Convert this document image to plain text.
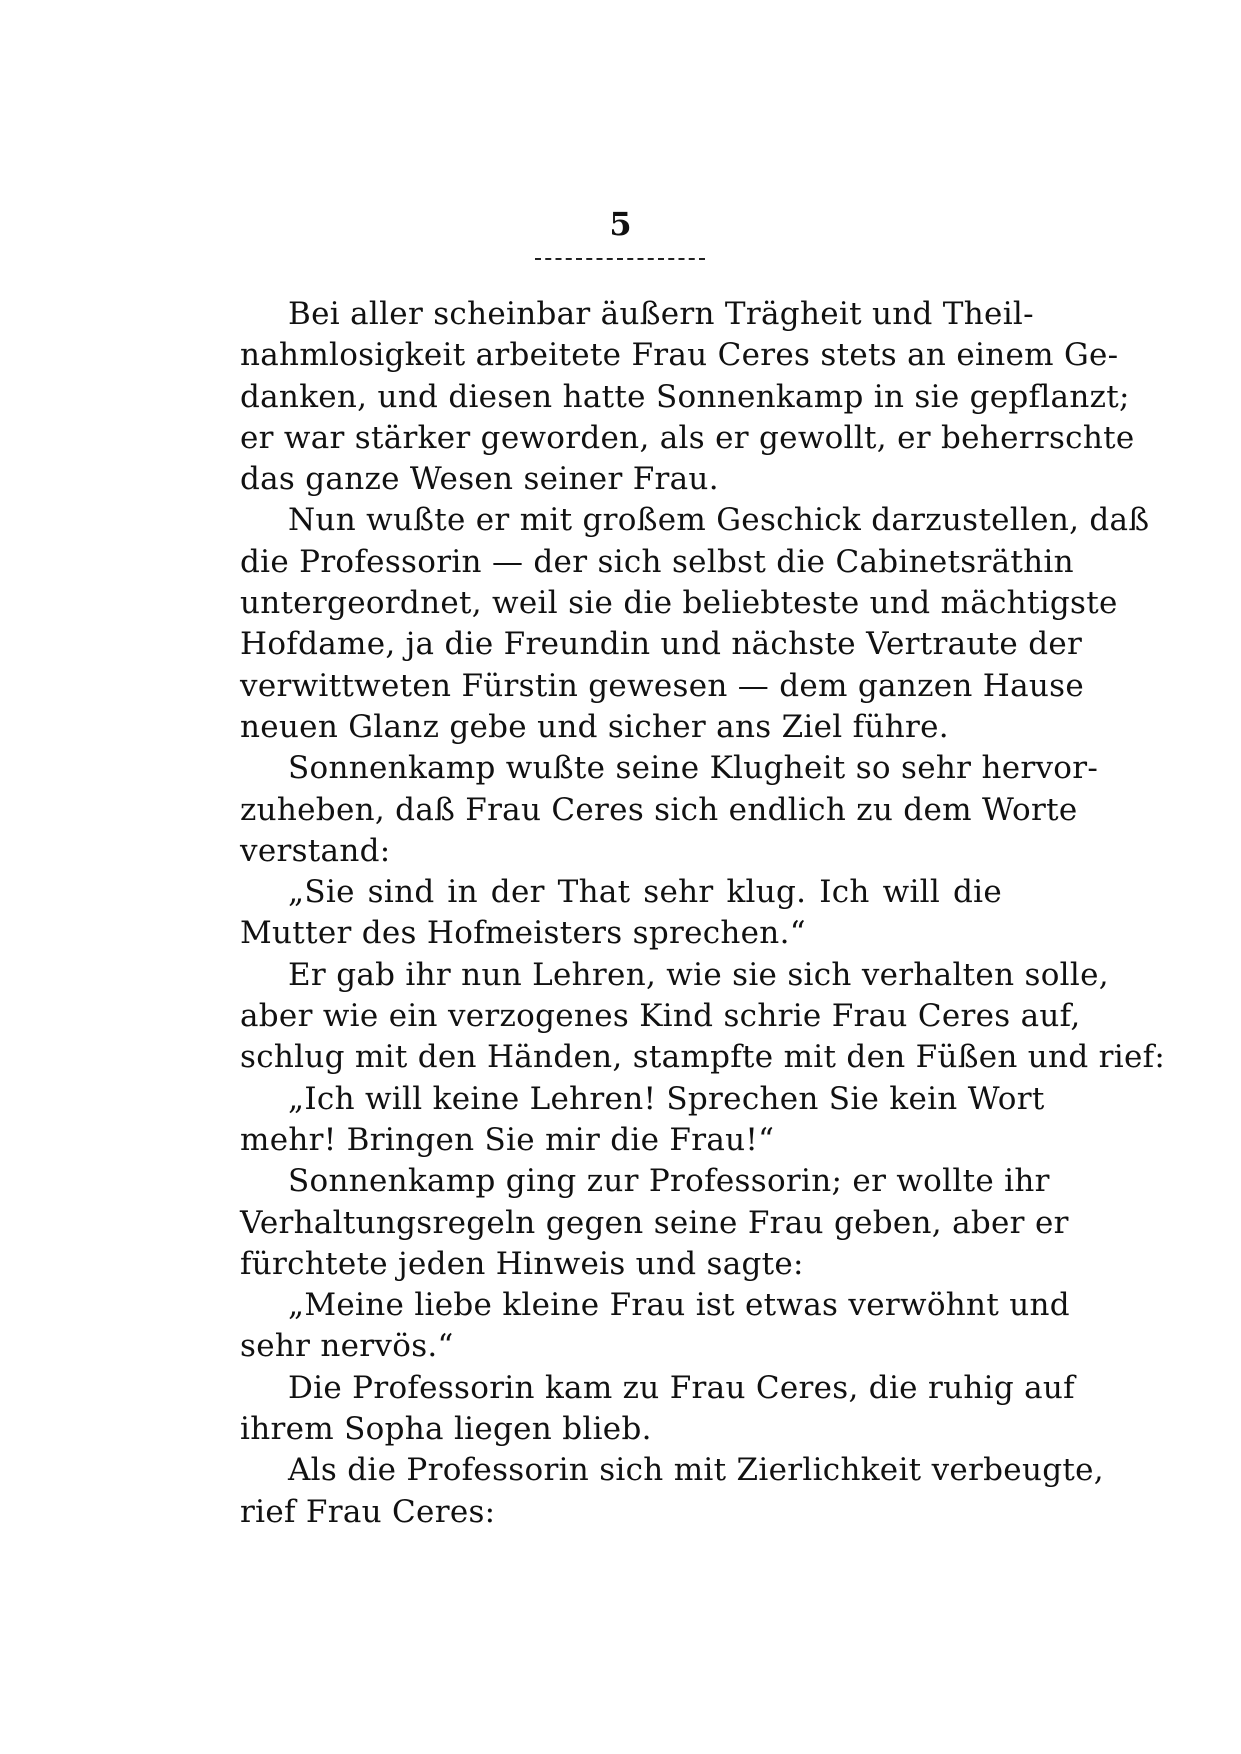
5
Bei aller scheinbar äußern Trägheit und Theil-
nahmlosigkeit arbeitete Frau Ceres stets an einem Ge-
danken, und diesen hatte Sonnenkamp in sie gepflanzt;
er war stärker geworden, als er gewollt, er beherrschte
das ganze Wesen seiner Frau.
Nun wußte er mit großem Geschick darzustellen, daß
die Professorin — der sich selbst die Cabinetsräthin
untergeordnet, weil sie die beliebteste und mächtigste
Hofdame, ja die Freundin und nächste Vertraute der
verwittweten Fürstin gewesen — dem ganzen Hause
neuen Glanz gebe und sicher ans Ziel führe.
Sonnenkamp wußte seine Klugheit so sehr hervor-
zuheben, daß Frau Ceres sich endlich zu dem Worte
verstand:
„Sie sind in der That sehr klug. Ich will die
Mutter des Hofmeisters sprechen.“
Er gab ihr nun Lehren, wie sie sich verhalten solle,
aber wie ein verzogenes Kind schrie Frau Ceres auf,
schlug mit den Händen, stampfte mit den Füßen und rief:
„Ich will keine Lehren! Sprechen Sie kein Wort
mehr! Bringen Sie mir die Frau!“
Sonnenkamp ging zur Professorin; er wollte ihr
Verhaltungsregeln gegen seine Frau geben, aber er
fürchtete jeden Hinweis und sagte:
„Meine liebe kleine Frau ist etwas verwöhnt und
sehr nervös.“
Die Professorin kam zu Frau Ceres, die ruhig auf
ihrem Sopha liegen blieb.
Als die Professorin sich mit Zierlichkeit verbeugte,
rief Frau Ceres:
